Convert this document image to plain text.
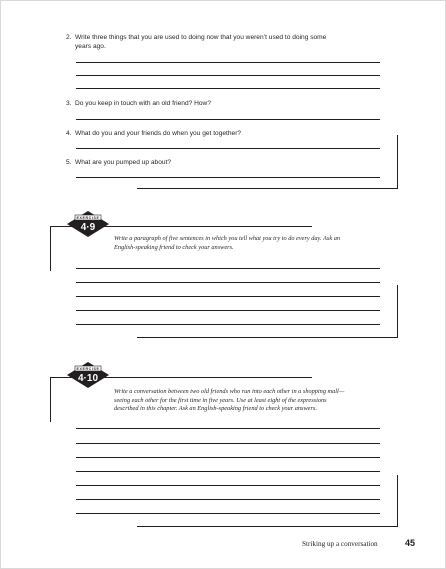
2. Write three things that you are used to doing now that you weren’t used to doing some
years ago.
3. Do you keep in touch with an old friend? How?
4. What do you and your friends do when you get together?
5. What are you pumped up about?
EXERCISE
4·9
Write a paragraph of five sentences in which you tell what you try to do every day. Ask an
English-speaking friend to check your answers.
EXERCISE
4·10
Write a conversation between two old friends who run into each other in a shopping mall—
seeing each other for the first time in five years. Use at least eight of the expressions
described in this chapter. Ask an English-speaking friend to check your answers.
Striking up a conversation	45
